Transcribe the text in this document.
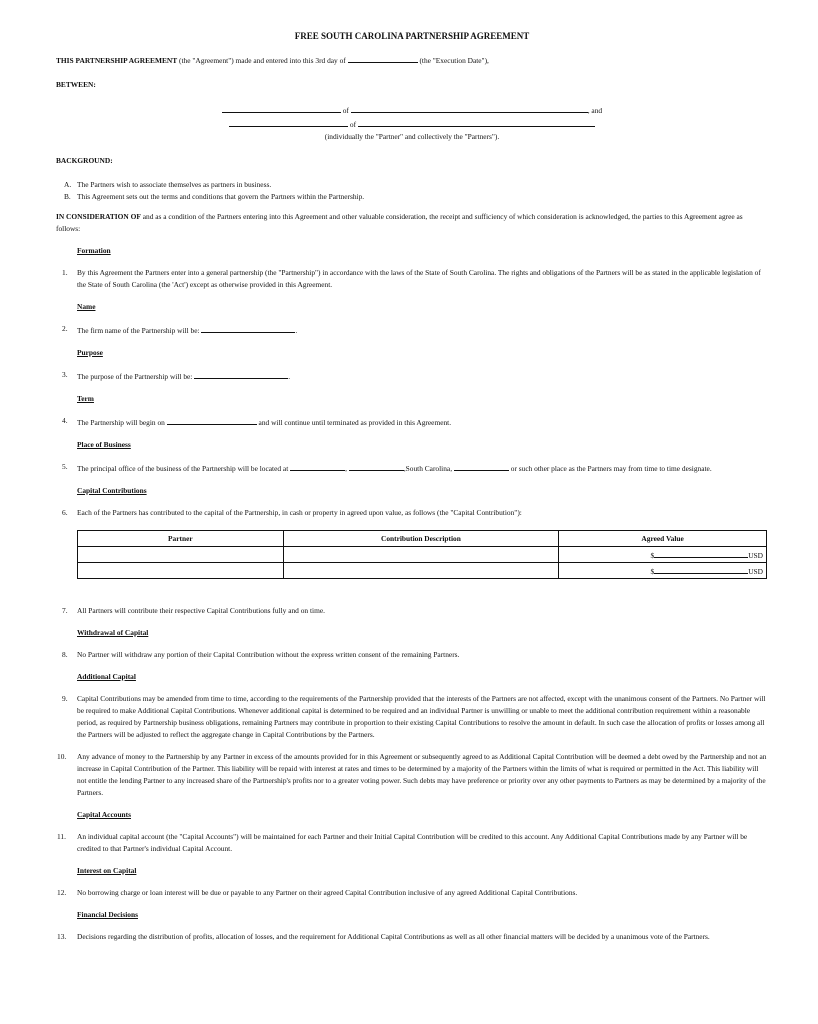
FREE SOUTH CAROLINA PARTNERSHIP AGREEMENT

THIS PARTNERSHIP AGREEMENT (the "Agreement") made and entered into this 3rd day of	(the "Execution Date"),

BETWEEN:
of	, and
of
(individually the "Partner" and collectively the "Partners").
BACKGROUND:
A. The Partners wish to associate themselves as partners in business.
B. This Agreement sets out the terms and conditions that govern the Partners within the Partnership.

IN CONSIDERATION OF and as a condition of the Partners entering into this Agreement and other valuable consideration, the receipt and sufficiency of which consideration is acknowledged, the parties to this Agreement agree as follows:

Formation
1.	By this Agreement the Partners enter into a general partnership (the "Partnership") in accordance with the laws of the State of South Carolina. The rights and obligations of the Partners will be as stated in the applicable legislation of the State of South Carolina (the 'Act') except as otherwise provided in this Agreement.
Name
2.	The firm name of the Partnership will be:	.
Purpose
3.	The purpose of the Partnership will be:	.
Term
4.	The Partnership will begin on	and will continue until terminated as provided in this Agreement.
Place of Business
5.	The principal office of the business of the Partnership will be located at	,	,South Carolina,	or such other place as the Partners may from time to time designate.
Capital Contributions
6.	Each of the Partners has contributed to the capital of the Partnership, in cash or property in agreed upon value, as follows (the "Capital Contribution"):
Partner	Contribution Description	Agreed Value
		$ USD
		$ USD
7.	All Partners will contribute their respective Capital Contributions fully and on time.
Withdrawal of Capital
8.	No Partner will withdraw any portion of their Capital Contribution without the express written consent of the remaining Partners.
Additional Capital
9.	Capital Contributions may be amended from time to time, according to the requirements of the Partnership provided that the interests of the Partners are not affected, except with the unanimous consent of the Partners. No Partner will be required to make Additional Capital Contributions. Whenever additional capital is determined to be required and an individual Partner is unwilling or unable to meet the additional contribution requirement within a reasonable period, as required by Partnership business obligations, remaining Partners may contribute in proportion to their existing Capital Contributions to resolve the amount in default. In such case the allocation of profits or losses among all the Partners will be adjusted to reflect the aggregate change in Capital Contributions by the Partners.
10.	Any advance of money to the Partnership by any Partner in excess of the amounts provided for in this Agreement or subsequently agreed to as Additional Capital Contribution will be deemed a debt owed by the Partnership and not an increase in Capital Contribution of the Partner. This liability will be repaid with interest at rates and times to be determined by a majority of the Partners within the limits of what is required or permitted in the Act. This liability will not entitle the lending Partner to any increased share of the Partnership's profits nor to a greater voting power. Such debts may have preference or priority over any other payments to Partners as may be determined by a majority of the Partners.
Capital Accounts
11.	An individual capital account (the "Capital Accounts") will be maintained for each Partner and their Initial Capital Contribution will be credited to this account. Any Additional Capital Contributions made by any Partner will be credited to that Partner's individual Capital Account.
Interest on Capital
12.	No borrowing charge or loan interest will be due or payable to any Partner on their agreed Capital Contribution inclusive of any agreed Additional Capital Contributions.
Financial Decisions
13.	Decisions regarding the distribution of profits, allocation of losses, and the requirement for Additional Capital Contributions as well as all other financial matters will be decided by a unanimous vote of the Partners.
